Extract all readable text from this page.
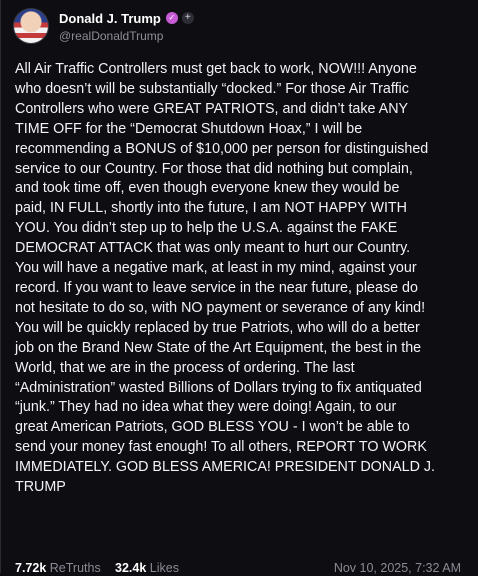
Donald J. Trump ✓ +
@realDonaldTrump
All Air Traffic Controllers must get back to work, NOW!!! Anyone
who doesn’t will be substantially “docked.” For those Air Traffic
Controllers who were GREAT PATRIOTS, and didn’t take ANY
TIME OFF for the “Democrat Shutdown Hoax,” I will be
recommending a BONUS of $10,000 per person for distinguished
service to our Country. For those that did nothing but complain,
and took time off, even though everyone knew they would be
paid, IN FULL, shortly into the future, I am NOT HAPPY WITH
YOU. You didn’t step up to help the U.S.A. against the FAKE
DEMOCRAT ATTACK that was only meant to hurt our Country.
You will have a negative mark, at least in my mind, against your
record. If you want to leave service in the near future, please do
not hesitate to do so, with NO payment or severance of any kind!
You will be quickly replaced by true Patriots, who will do a better
job on the Brand New State of the Art Equipment, the best in the
World, that we are in the process of ordering. The last
“Administration” wasted Billions of Dollars trying to fix antiquated
“junk.” They had no idea what they were doing! Again, to our
great American Patriots, GOD BLESS YOU - I won’t be able to
send your money fast enough! To all others, REPORT TO WORK
IMMEDIATELY. GOD BLESS AMERICA! PRESIDENT DONALD J.
TRUMP
7.72k ReTruths 32.4k Likes	Nov 10, 2025, 7:32 AM
